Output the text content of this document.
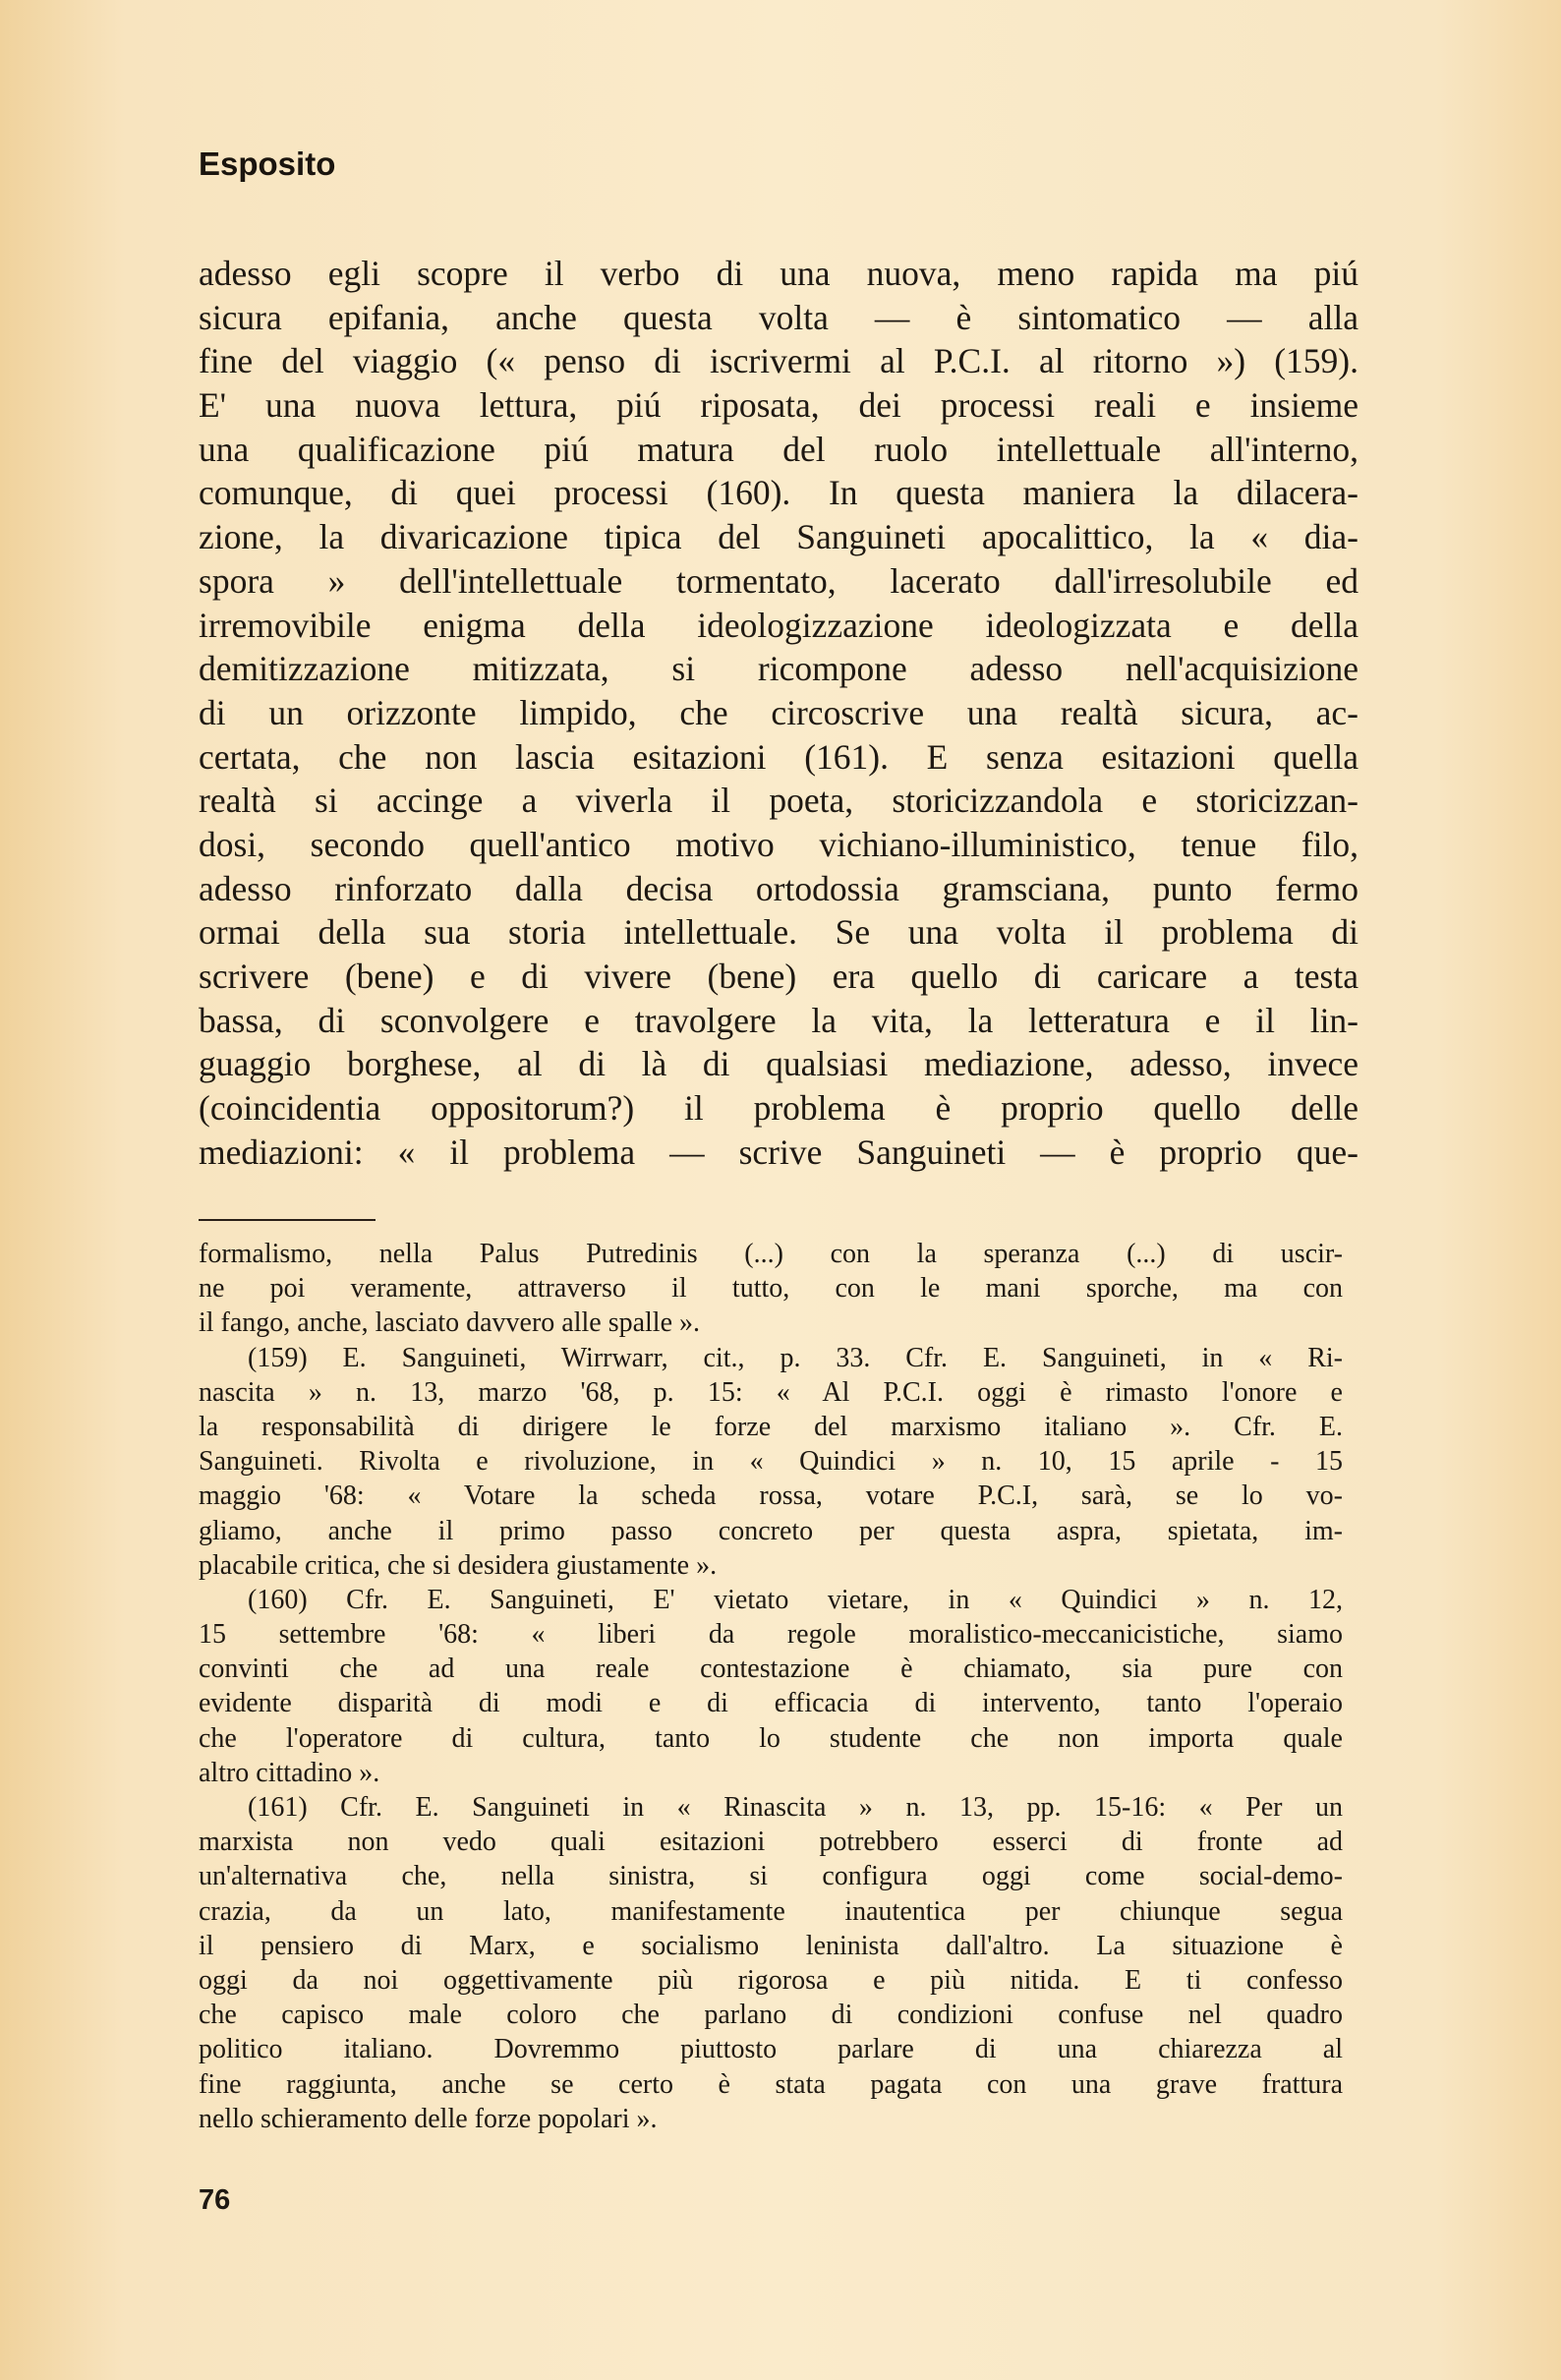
Esposito
adesso egli scopre il verbo di una nuova, meno rapida ma piú
sicura epifania, anche questa volta — è sintomatico — alla
fine del viaggio (« penso di iscrivermi al P.C.I. al ritorno ») (159).
E' una nuova lettura, piú riposata, dei processi reali e insieme
una qualificazione piú matura del ruolo intellettuale all'interno,
comunque, di quei processi (160). In questa maniera la dilacera-
zione, la divaricazione tipica del Sanguineti apocalittico, la « dia-
spora » dell'intellettuale tormentato, lacerato dall'irresolubile ed
irremovibile enigma della ideologizzazione ideologizzata e della
demitizzazione mitizzata, si ricompone adesso nell'acquisizione
di un orizzonte limpido, che circoscrive una realtà sicura, ac-
certata, che non lascia esitazioni (161). E senza esitazioni quella
realtà si accinge a viverla il poeta, storicizzandola e storicizzan-
dosi, secondo quell'antico motivo vichiano-illuministico, tenue filo,
adesso rinforzato dalla decisa ortodossia gramsciana, punto fermo
ormai della sua storia intellettuale. Se una volta il problema di
scrivere (bene) e di vivere (bene) era quello di caricare a testa
bassa, di sconvolgere e travolgere la vita, la letteratura e il lin-
guaggio borghese, al di là di qualsiasi mediazione, adesso, invece
(coincidentia oppositorum?) il problema è proprio quello delle
mediazioni: « il problema — scrive Sanguineti — è proprio que-
formalismo, nella Palus Putredinis (...) con la speranza (...) di uscir-
ne poi veramente, attraverso il tutto, con le mani sporche, ma con
il fango, anche, lasciato davvero alle spalle ».
(159) E. Sanguineti, Wirrwarr, cit., p. 33. Cfr. E. Sanguineti, in « Ri-
nascita » n. 13, marzo '68, p. 15: « Al P.C.I. oggi è rimasto l'onore e
la responsabilità di dirigere le forze del marxismo italiano ». Cfr. E.
Sanguineti. Rivolta e rivoluzione, in « Quindici » n. 10, 15 aprile - 15
maggio '68: « Votare la scheda rossa, votare P.C.I, sarà, se lo vo-
gliamo, anche il primo passo concreto per questa aspra, spietata, im-
placabile critica, che si desidera giustamente ».
(160) Cfr. E. Sanguineti, E' vietato vietare, in « Quindici » n. 12,
15 settembre '68: « liberi da regole moralistico-meccanicistiche, siamo
convinti che ad una reale contestazione è chiamato, sia pure con
evidente disparità di modi e di efficacia di intervento, tanto l'operaio
che l'operatore di cultura, tanto lo studente che non importa quale
altro cittadino ».
(161) Cfr. E. Sanguineti in « Rinascita » n. 13, pp. 15-16: « Per un
marxista non vedo quali esitazioni potrebbero esserci di fronte ad
un'alternativa che, nella sinistra, si configura oggi come social-demo-
crazia, da un lato, manifestamente inautentica per chiunque segua
il pensiero di Marx, e socialismo leninista dall'altro. La situazione è
oggi da noi oggettivamente più rigorosa e più nitida. E ti confesso
che capisco male coloro che parlano di condizioni confuse nel quadro
politico italiano. Dovremmo piuttosto parlare di una chiarezza al
fine raggiunta, anche se certo è stata pagata con una grave frattura
nello schieramento delle forze popolari ».
76
